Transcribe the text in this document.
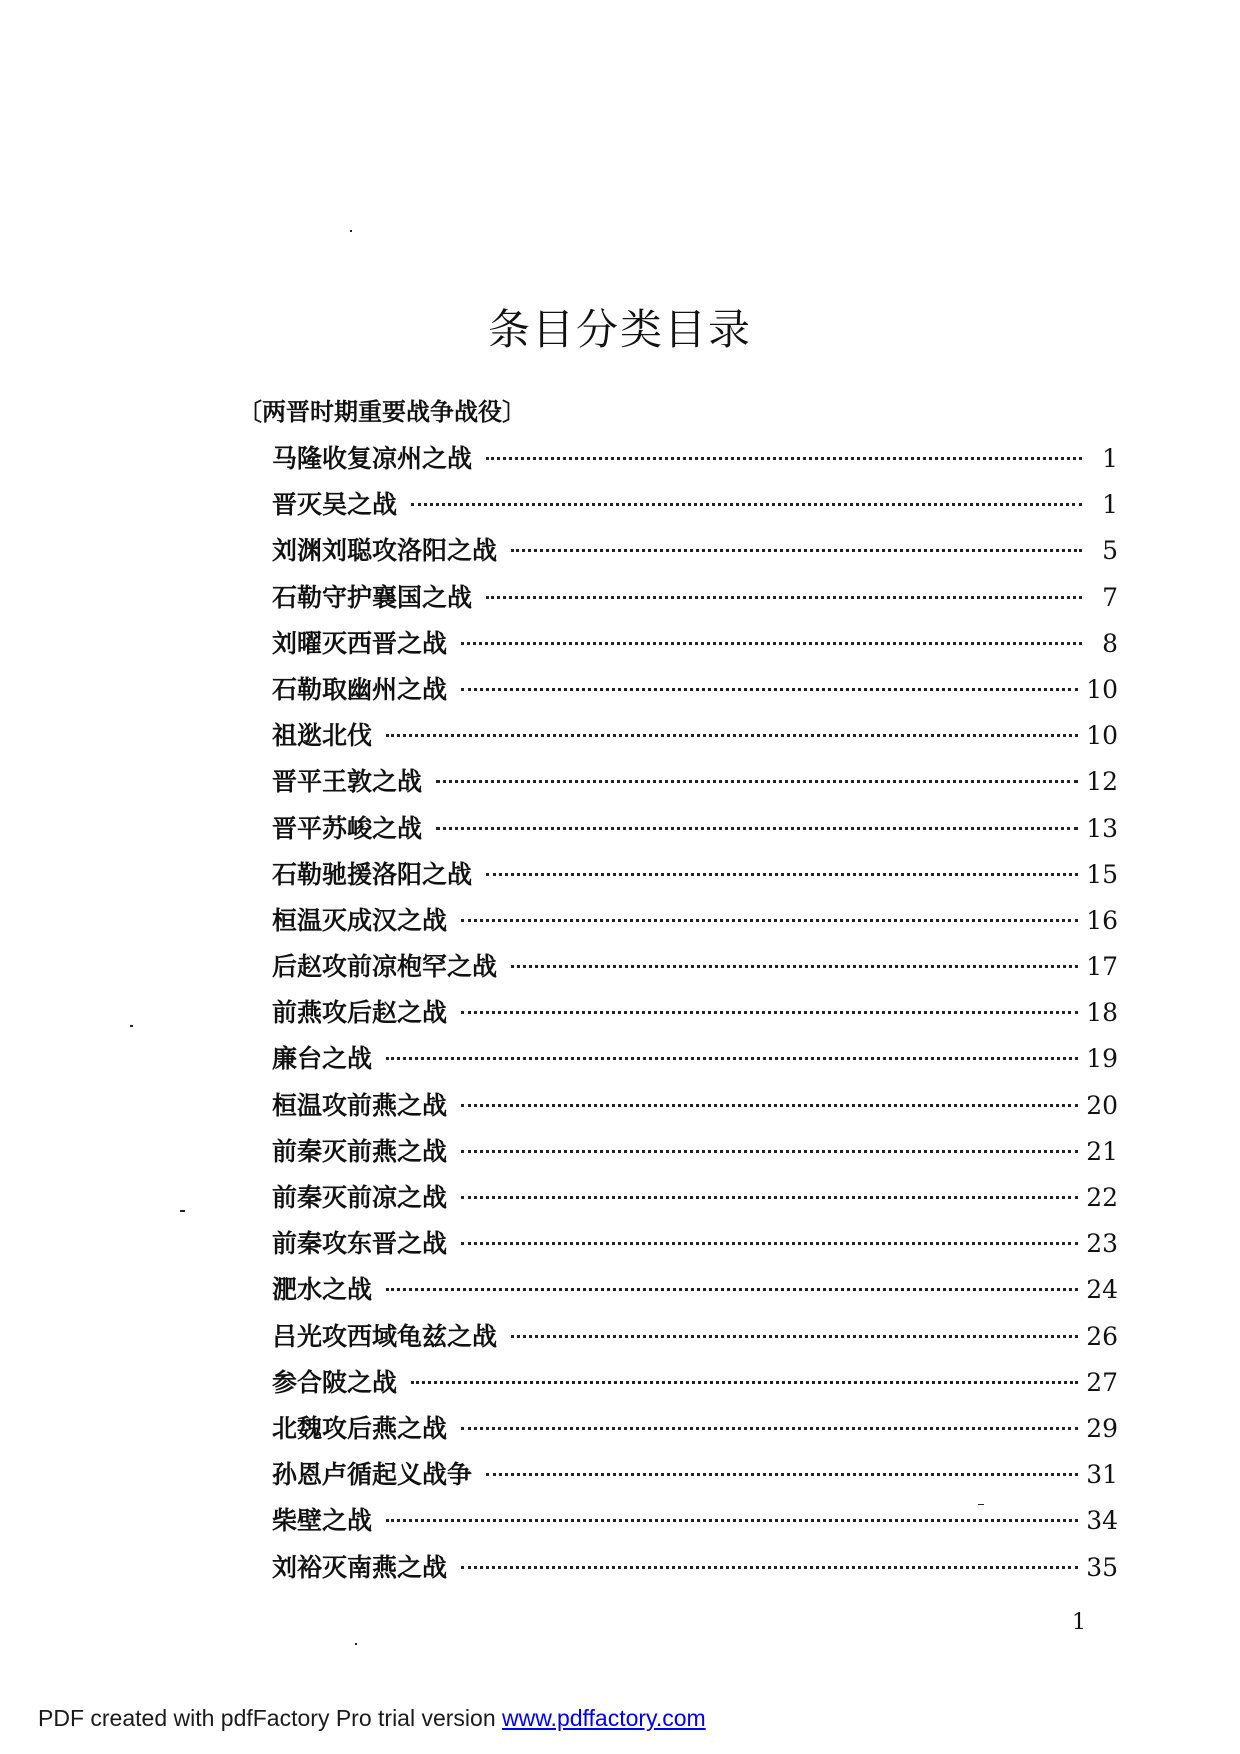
条目分类目录
〔两晋时期重要战争战役〕
马隆收复凉州之战	1
晋灭吴之战	1
刘渊刘聪攻洛阳之战	5
石勒守护襄国之战	7
刘曜灭西晋之战	8
石勒取幽州之战	10
祖逖北伐	10
晋平王敦之战	12
晋平苏峻之战	13
石勒驰援洛阳之战	15
桓温灭成汉之战	16
后赵攻前凉枹罕之战	17
前燕攻后赵之战	18
廉台之战	19
桓温攻前燕之战	20
前秦灭前燕之战	21
前秦灭前凉之战	22
前秦攻东晋之战	23
淝水之战	24
吕光攻西域龟兹之战	26
参合陂之战	27
北魏攻后燕之战	29
孙恩卢循起义战争	31
柴壁之战	34
刘裕灭南燕之战	35
1
PDF created with pdfFactory Pro trial version www.pdffactory.com
